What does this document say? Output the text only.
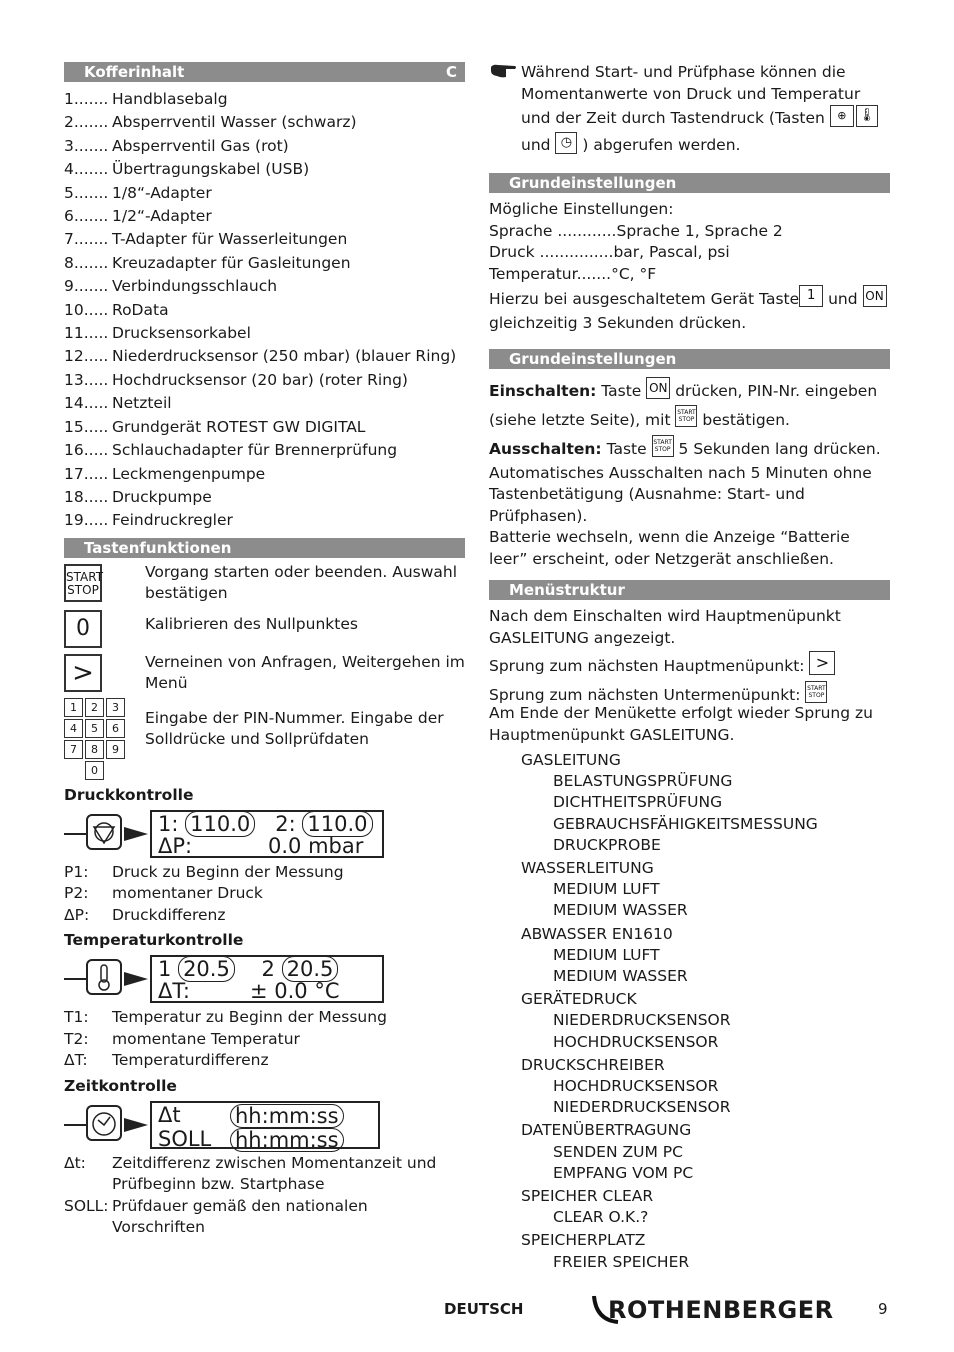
Kofferinhalt	C
1....... Handblasebalg
2....... Absperrventil Wasser (schwarz)
3....... Absperrventil Gas (rot)
4....... Übertragungskabel (USB)
5....... 1/8“-Adapter
6....... 1/2“-Adapter
7....... T-Adapter für Wasserleitungen
8....... Kreuzadapter für Gasleitungen
9....... Verbindungsschlauch
10..... RoData
11..... Drucksensorkabel
12..... Niederdrucksensor (250 mbar) (blauer Ring)
13..... Hochdrucksensor (20 bar) (roter Ring)
14..... Netzteil
15..... Grundgerät ROTEST GW DIGITAL
16..... Schlauchadapter für Brennerprüfung
17..... Leckmengenpumpe
18..... Druckpumpe
19..... Feindruckregler
Tastenfunktionen
START
STOP
Vorgang starten oder beenden. Auswahl bestätigen
0	Kalibrieren des Nullpunktes
>	Verneinen von Anfragen, Weitergehen im Menü
1	2	3
4	5	6
7	8	9
0
Eingabe der PIN-Nummer. Eingabe der Solldrücke und Sollprüfdaten
Druckkontrolle
1: 110.0 2: 110.0
ΔP:	0.0 mbar
P1:	Druck zu Beginn der Messung
P2:	momentaner Druck
ΔP:	Druckdifferenz
Temperaturkontrolle
1 20.5 2 20.5
ΔT:	± 0.0 °C
T1:	Temperatur zu Beginn der Messung
T2:	momentane Temperatur
ΔT:	Temperaturdifferenz
Zeitkontrolle
Δt	hh:mm:ss
SOLL	hh:mm:ss
Δt:	Zeitdifferenz zwischen Momentanzeit und Prüfbeginn bzw. Startphase
SOLL: Prüfdauer gemäß den nationalen Vorschriften
Während Start- und Prüfphase können die
Momentanwerte von Druck und Temperatur
und der Zeit durch Tastendruck (Tasten ⊕ 🌡
und ◷ ) abgerufen werden.
Grundeinstellungen
Mögliche Einstellungen:
Sprache ............Sprache 1, Sprache 2
Druck ...............bar, Pascal, psi
Temperatur.......°C, °F
Hierzu bei ausgeschaltetem Gerät Taste 1 und ON
gleichzeitig 3 Sekunden drücken.
Grundeinstellungen
Einschalten: Taste ON drücken, PIN-Nr. eingeben
(siehe letzte Seite), mit START
STOP bestätigen.
Ausschalten: Taste START
STOP 5 Sekunden lang drücken.
Automatisches Ausschalten nach 5 Minuten ohne
Tastenbetätigung (Ausnahme: Start- und
Prüfphasen).
Batterie wechseln, wenn die Anzeige “Batterie
leer” erscheint, oder Netzgerät anschließen.
Menüstruktur
Nach dem Einschalten wird Hauptmenüpunkt
GASLEITUNG angezeigt.
Sprung zum nächsten Hauptmenüpunkt: >
Sprung zum nächsten Untermenüpunkt: START
STOP
Am Ende der Menükette erfolgt wieder Sprung zu
Hauptmenüpunkt GASLEITUNG.
GASLEITUNG
BELASTUNGSPRÜFUNG
DICHTHEITSPRÜFUNG
GEBRAUCHSFÄHIGKEITSMESSUNG
DRUCKPROBE
WASSERLEITUNG
MEDIUM LUFT
MEDIUM WASSER
ABWASSER EN1610
MEDIUM LUFT
MEDIUM WASSER
GERÄTEDRUCK
NIEDERDRUCKSENSOR
HOCHDRUCKSENSOR
DRUCKSCHREIBER
HOCHDRUCKSENSOR
NIEDERDRUCKSENSOR
DATENÜBERTRAGUNG
SENDEN ZUM PC
EMPFANG VOM PC
SPEICHER CLEAR
CLEAR O.K.?
SPEICHERPLATZ
FREIER SPEICHER
DEUTSCH	ROTHENBERGER	9
